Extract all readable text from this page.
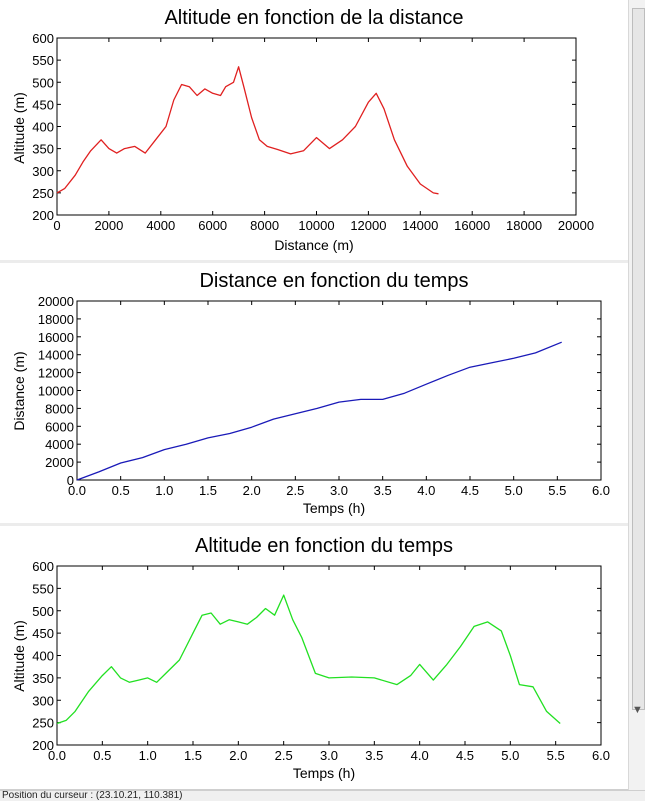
Altitude en fonction de la distance
Distance (m)
Altitude (m)
0	2000 4000 6000 8000 10000 12000 14000 16000 18000 20000
200
250
300
350
400
450
500
550
600
Distance en fonction du temps
Temps (h)
Distance (m)
0.0 0.5 1.0 1.5 2.0 2.5 3.0 3.5 4.0 4.5 5.0 5.5 6.0
0
2000
4000
6000
8000
10000
12000
14000
16000
18000
20000
Altitude en fonction du temps
Temps (h)
Altitude (m)
0.0 0.5 1.0 1.5 2.0 2.5 3.0 3.5 4.0 4.5 5.0 5.5 6.0
200
250
300
350
400
450
500
550
600
▼
Position du curseur : (23.10.21, 110.381)
